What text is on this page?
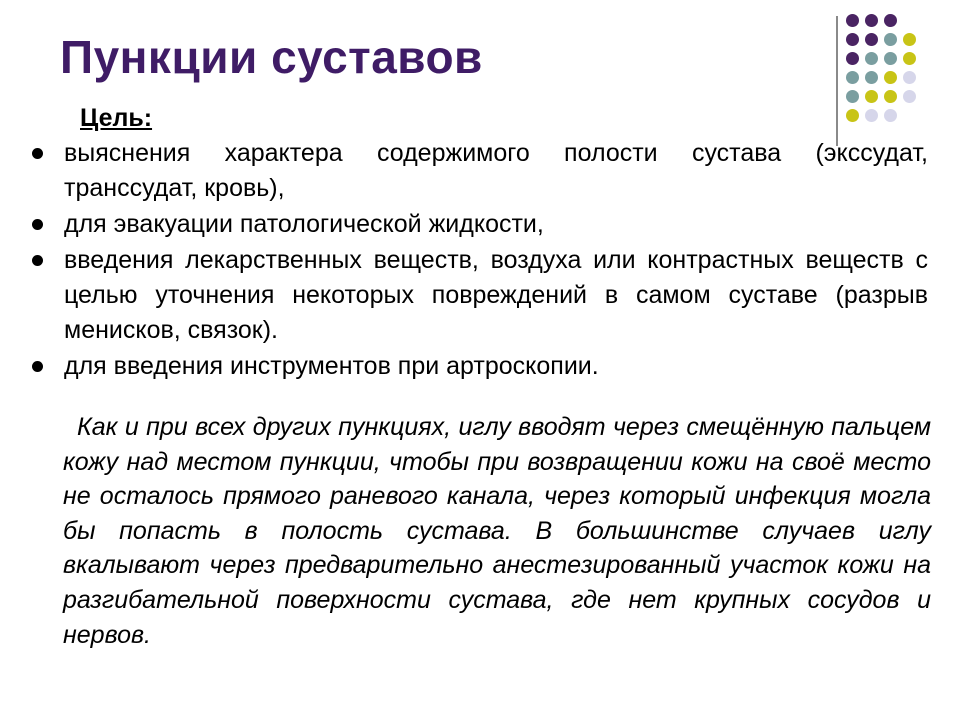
Пункции суставов

Цель:

выяснения характера содержимого полости сустава (экссудат, транссудат, кровь),
для эвакуации патологической жидкости,
введения лекарственных веществ, воздуха или контрастных веществ с целью уточнения некоторых повреждений в самом суставе (разрыв менисков, связок).
для введения инструментов при артроскопии.

Как и при всех других пункциях, иглу вводят через смещённую пальцем кожу над местом пункции, чтобы при возвращении кожи на своё место не осталось прямого раневого канала, через который инфекция могла бы попасть в полость сустава. В большинстве случаев иглу вкалывают через предварительно анестезированный участок кожи на разгибательной поверхности сустава, где нет крупных сосудов и нервов.
